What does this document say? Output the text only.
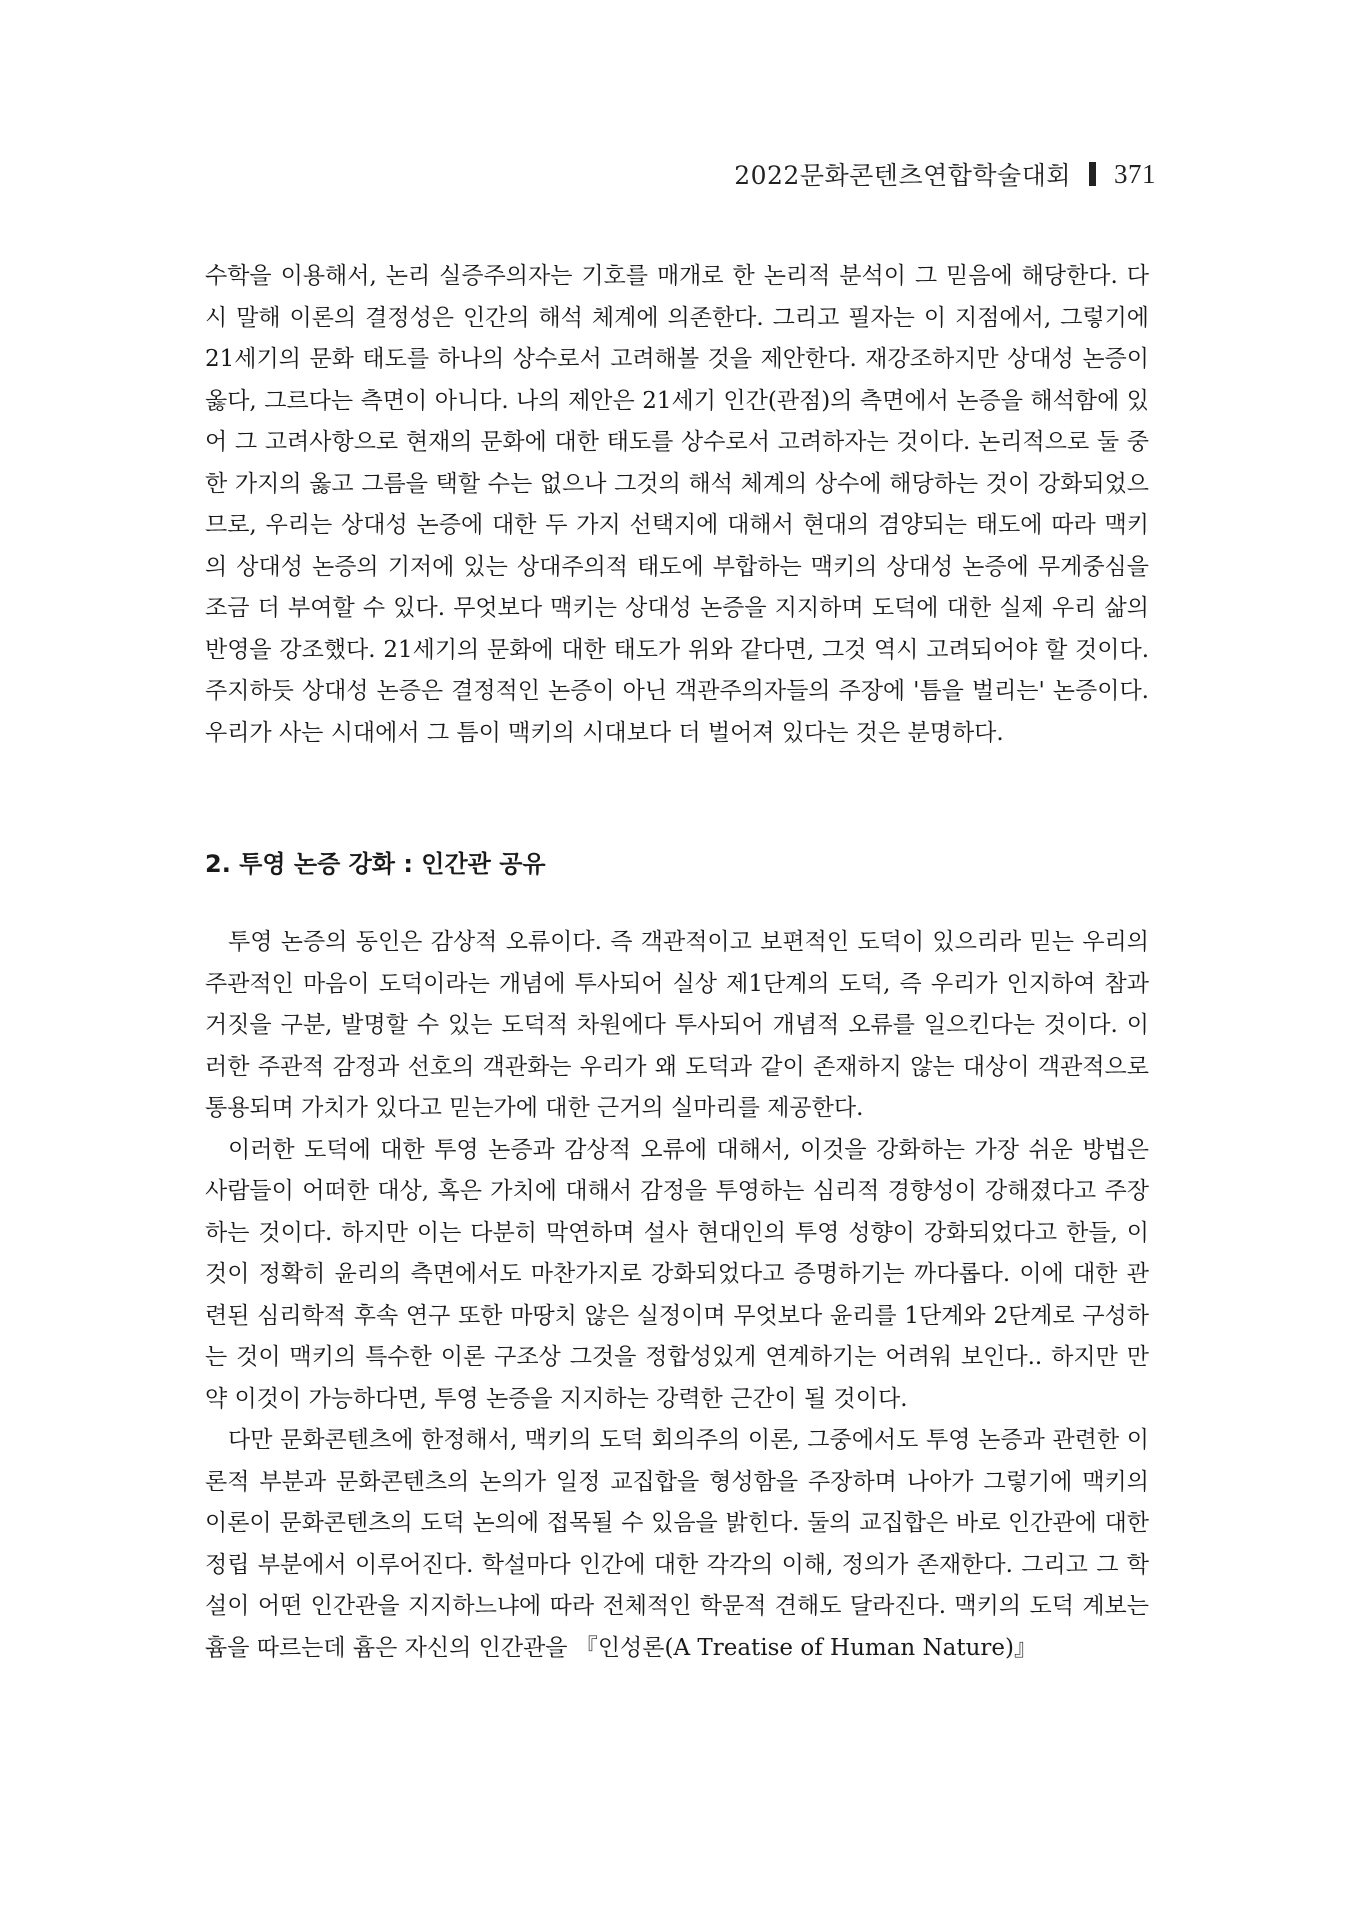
2022문화콘텐츠연합학술대회 371

수학을 이용해서, 논리 실증주의자는 기호를 매개로 한 논리적 분석이 그 믿음에 해당한다. 다시 말해 이론의 결정성은 인간의 해석 체계에 의존한다. 그리고 필자는 이 지점에서, 그렇기에 21세기의 문화 태도를 하나의 상수로서 고려해볼 것을 제안한다. 재강조하지만 상대성 논증이 옳다, 그르다는 측면이 아니다. 나의 제안은 21세기 인간(관점)의 측면에서 논증을 해석함에 있어 그 고려사항으로 현재의 문화에 대한 태도를 상수로서 고려하자는 것이다. 논리적으로 둘 중 한 가지의 옳고 그름을 택할 수는 없으나 그것의 해석 체계의 상수에 해당하는 것이 강화되었으므로, 우리는 상대성 논증에 대한 두 가지 선택지에 대해서 현대의 겸양되는 태도에 따라 맥키의 상대성 논증의 기저에 있는 상대주의적 태도에 부합하는 맥키의 상대성 논증에 무게중심을 조금 더 부여할 수 있다. 무엇보다 맥키는 상대성 논증을 지지하며 도덕에 대한 실제 우리 삶의 반영을 강조했다. 21세기의 문화에 대한 태도가 위와 같다면, 그것 역시 고려되어야 할 것이다. 주지하듯 상대성 논증은 결정적인 논증이 아닌 객관주의자들의 주장에 '틈을 벌리는' 논증이다. 우리가 사는 시대에서 그 틈이 맥키의 시대보다 더 벌어져 있다는 것은 분명하다.

2. 투영 논증 강화 : 인간관 공유

투영 논증의 동인은 감상적 오류이다. 즉 객관적이고 보편적인 도덕이 있으리라 믿는 우리의 주관적인 마음이 도덕이라는 개념에 투사되어 실상 제1단계의 도덕, 즉 우리가 인지하여 참과 거짓을 구분, 발명할 수 있는 도덕적 차원에다 투사되어 개념적 오류를 일으킨다는 것이다. 이러한 주관적 감정과 선호의 객관화는 우리가 왜 도덕과 같이 존재하지 않는 대상이 객관적으로 통용되며 가치가 있다고 믿는가에 대한 근거의 실마리를 제공한다.

이러한 도덕에 대한 투영 논증과 감상적 오류에 대해서, 이것을 강화하는 가장 쉬운 방법은 사람들이 어떠한 대상, 혹은 가치에 대해서 감정을 투영하는 심리적 경향성이 강해졌다고 주장하는 것이다. 하지만 이는 다분히 막연하며 설사 현대인의 투영 성향이 강화되었다고 한들, 이것이 정확히 윤리의 측면에서도 마찬가지로 강화되었다고 증명하기는 까다롭다. 이에 대한 관련된 심리학적 후속 연구 또한 마땅치 않은 실정이며 무엇보다 윤리를 1단계와 2단계로 구성하는 것이 맥키의 특수한 이론 구조상 그것을 정합성있게 연계하기는 어려워 보인다.. 하지만 만약 이것이 가능하다면, 투영 논증을 지지하는 강력한 근간이 될 것이다.

다만 문화콘텐츠에 한정해서, 맥키의 도덕 회의주의 이론, 그중에서도 투영 논증과 관련한 이론적 부분과 문화콘텐츠의 논의가 일정 교집합을 형성함을 주장하며 나아가 그렇기에 맥키의 이론이 문화콘텐츠의 도덕 논의에 접목될 수 있음을 밝힌다. 둘의 교집합은 바로 인간관에 대한 정립 부분에서 이루어진다. 학설마다 인간에 대한 각각의 이해, 정의가 존재한다. 그리고 그 학설이 어떤 인간관을 지지하느냐에 따라 전체적인 학문적 견해도 달라진다. 맥키의 도덕 계보는 흄을 따르는데 흄은 자신의 인간관을 『인성론(A Treatise of Human Nature)』
